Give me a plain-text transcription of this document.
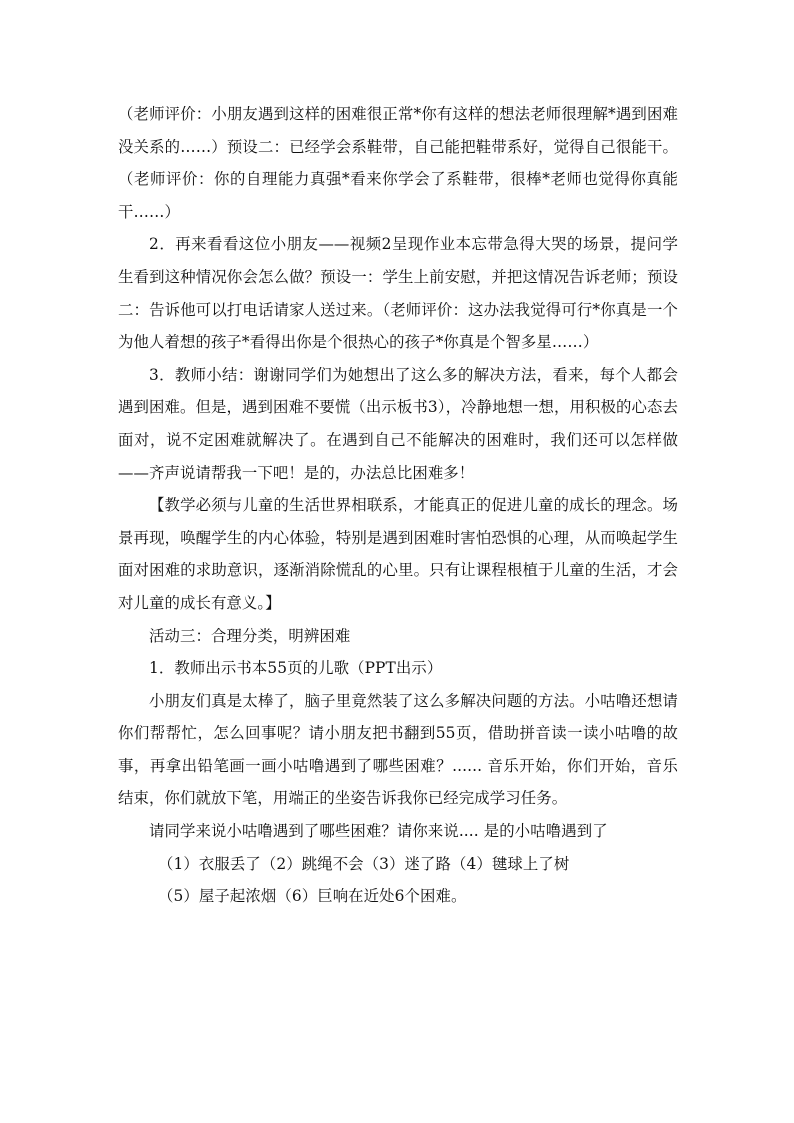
（老师评价：小朋友遇到这样的困难很正常*你有这样的想法老师很理解*遇到困难没关系的……）预设二：已经学会系鞋带，自己能把鞋带系好，觉得自己很能干。（老师评价：你的自理能力真强*看来你学会了系鞋带，很棒*老师也觉得你真能干……）

2．再来看看这位小朋友——视频2呈现作业本忘带急得大哭的场景，提问学生看到这种情况你会怎么做？预设一：学生上前安慰，并把这情况告诉老师；预设二：告诉他可以打电话请家人送过来。（老师评价：这办法我觉得可行*你真是一个为他人着想的孩子*看得出你是个很热心的孩子*你真是个智多星……）

3．教师小结：谢谢同学们为她想出了这么多的解决方法，看来，每个人都会遇到困难。但是，遇到困难不要慌（出示板书3），冷静地想一想，用积极的心态去面对，说不定困难就解决了。在遇到自己不能解决的困难时，我们还可以怎样做——齐声说请帮我一下吧！是的，办法总比困难多！

【教学必须与儿童的生活世界相联系，才能真正的促进儿童的成长的理念。场景再现，唤醒学生的内心体验，特别是遇到困难时害怕恐惧的心理，从而唤起学生面对困难的求助意识，逐渐消除慌乱的心里。只有让课程根植于儿童的生活，才会对儿童的成长有意义。】

活动三：合理分类，明辨困难

1．教师出示书本55页的儿歌（PPT出示）

小朋友们真是太棒了，脑子里竟然装了这么多解决问题的方法。小咕噜还想请你们帮帮忙，怎么回事呢？请小朋友把书翻到55页，借助拼音读一读小咕噜的故事，再拿出铅笔画一画小咕噜遇到了哪些困难？...... 音乐开始，你们开始，音乐结束，你们就放下笔，用端正的坐姿告诉我你已经完成学习任务。

请同学来说小咕噜遇到了哪些困难？请你来说.... 是的小咕噜遇到了

（1）衣服丢了（2）跳绳不会（3）迷了路（4）毽球上了树

（5）屋子起浓烟（6）巨响在近处6个困难。
